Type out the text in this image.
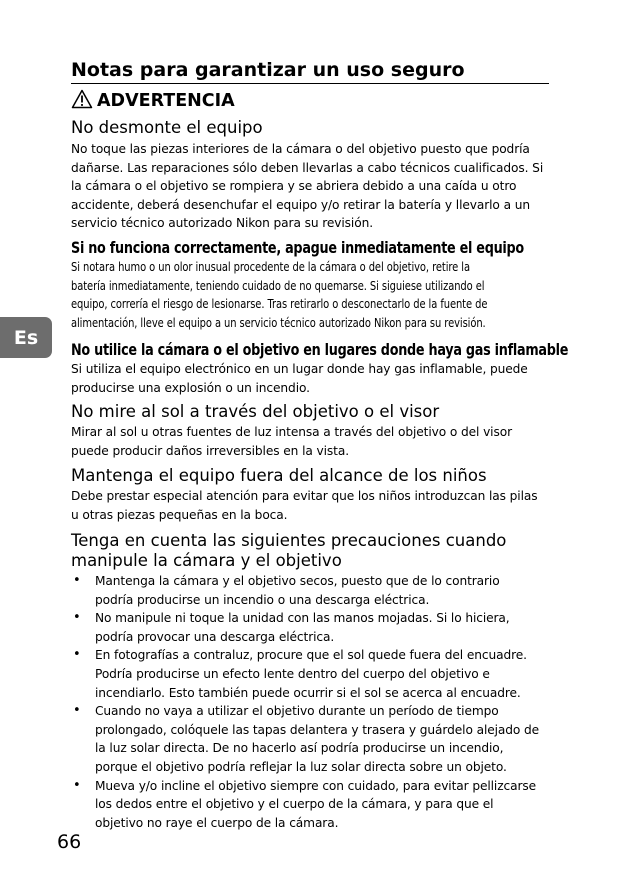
Notas para garantizar un uso seguro
ADVERTENCIA
Es
No desmonte el equipo
No toque las piezas interiores de la cámara o del objetivo puesto que podría
dañarse. Las reparaciones sólo deben llevarlas a cabo técnicos cualificados. Si
la cámara o el objetivo se rompiera y se abriera debido a una caída u otro
accidente, deberá desenchufar el equipo y/o retirar la batería y llevarlo a un
servicio técnico autorizado Nikon para su revisión.
Si no funciona correctamente, apague inmediatamente el equipo
Si notara humo o un olor inusual procedente de la cámara o del objetivo, retire la
batería inmediatamente, teniendo cuidado de no quemarse. Si siguiese utilizando el
equipo, correría el riesgo de lesionarse. Tras retirarlo o desconectarlo de la fuente de
alimentación, lleve el equipo a un servicio técnico autorizado Nikon para su revisión.
No utilice la cámara o el objetivo en lugares donde haya gas inflamable
Si utiliza el equipo electrónico en un lugar donde hay gas inflamable, puede
producirse una explosión o un incendio.
No mire al sol a través del objetivo o el visor
Mirar al sol u otras fuentes de luz intensa a través del objetivo o del visor
puede producir daños irreversibles en la vista.
Mantenga el equipo fuera del alcance de los niños
Debe prestar especial atención para evitar que los niños introduzcan las pilas
u otras piezas pequeñas en la boca.
Tenga en cuenta las siguientes precauciones cuando
manipule la cámara y el objetivo
• Mantenga la cámara y el objetivo secos, puesto que de lo contrario
podría producirse un incendio o una descarga eléctrica.
• No manipule ni toque la unidad con las manos mojadas. Si lo hiciera,
podría provocar una descarga eléctrica.
• En fotografías a contraluz, procure que el sol quede fuera del encuadre.
Podría producirse un efecto lente dentro del cuerpo del objetivo e
incendiarlo. Esto también puede ocurrir si el sol se acerca al encuadre.
• Cuando no vaya a utilizar el objetivo durante un período de tiempo
prolongado, colóquele las tapas delantera y trasera y guárdelo alejado de
la luz solar directa. De no hacerlo así podría producirse un incendio,
porque el objetivo podría reflejar la luz solar directa sobre un objeto.
• Mueva y/o incline el objetivo siempre con cuidado, para evitar pellizcarse
los dedos entre el objetivo y el cuerpo de la cámara, y para que el
objetivo no raye el cuerpo de la cámara.
66
